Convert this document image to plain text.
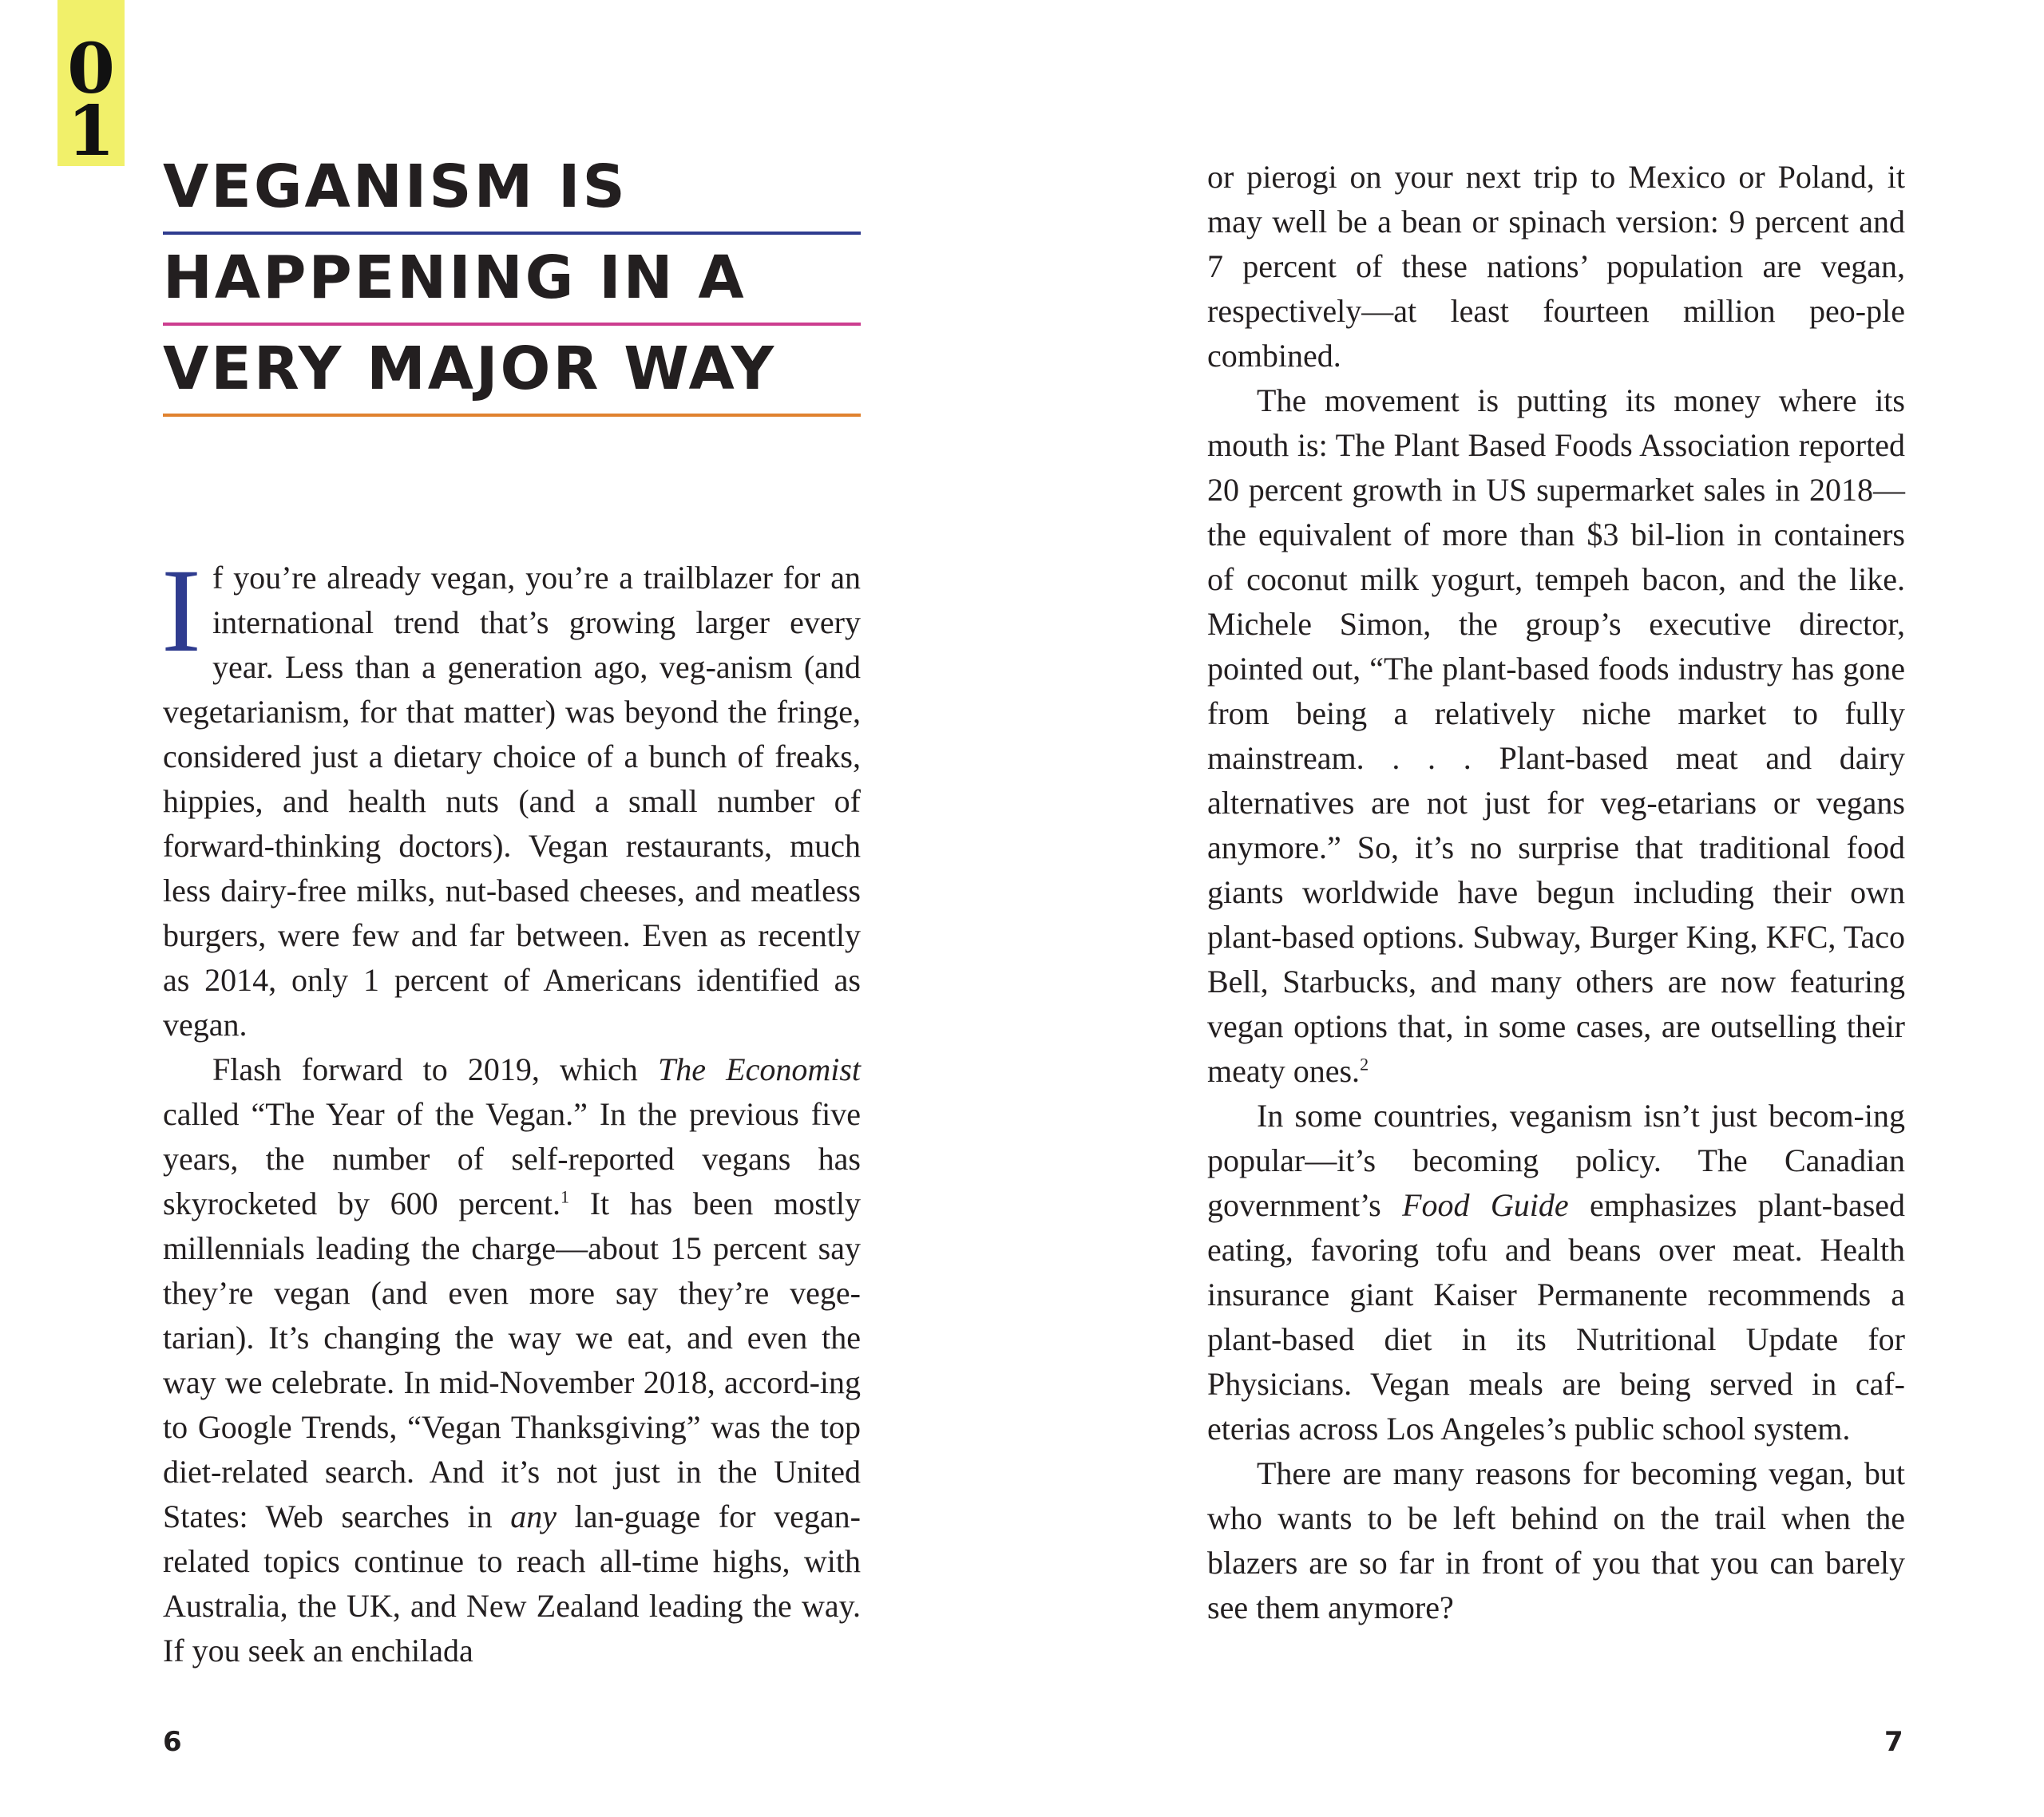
0
1
VEGANISM IS
HAPPENING IN A
VERY MAJOR WAY

If you’re already vegan, you’re a trailblazer for an international trend that’s growing larger every year. Less than a generation ago, veg-anism (and vegetarianism, for that matter) was beyond the fringe, considered just a dietary choice of a bunch of freaks, hippies, and health nuts (and a small number of forward-thinking doctors). Vegan restaurants, much less dairy-free milks, nut-based cheeses, and meatless burgers, were few and far between. Even as recently as 2014, only 1 percent of Americans identified as vegan.

Flash forward to 2019, which The Economist called “The Year of the Vegan.” In the previous five years, the number of self-reported vegans has skyrocketed by 600 percent.$^1$ It has been mostly millennials leading the charge—about 15 percent say they’re vegan (and even more say they’re vege-tarian). It’s changing the way we eat, and even the way we celebrate. In mid-November 2018, accord-ing to Google Trends, “Vegan Thanksgiving” was the top diet-related search. And it’s not just in the United States: Web searches in any lan-guage for vegan-related topics continue to reach all-time highs, with Australia, the UK, and New Zealand leading the way. If you seek an enchilada

6

or pierogi on your next trip to Mexico or Poland, it may well be a bean or spinach version: 9 percent and 7 percent of these nations’ population are vegan, respectively—at least fourteen million peo-ple combined.

The movement is putting its money where its mouth is: The Plant Based Foods Association reported 20 percent growth in US supermarket sales in 2018—the equivalent of more than $3 bil-lion in containers of coconut milk yogurt, tempeh bacon, and the like. Michele Simon, the group’s executive director, pointed out, “The plant-based foods industry has gone from being a relatively niche market to fully mainstream. . . . Plant-based meat and dairy alternatives are not just for veg-etarians or vegans anymore.” So, it’s no surprise that traditional food giants worldwide have begun including their own plant-based options. Subway, Burger King, KFC, Taco Bell, Starbucks, and many others are now featuring vegan options that, in some cases, are outselling their meaty ones.$^2$

In some countries, veganism isn’t just becom-ing popular—it’s becoming policy. The Canadian government’s Food Guide emphasizes plant-based eating, favoring tofu and beans over meat. Health insurance giant Kaiser Permanente recommends a plant-based diet in its Nutritional Update for Physicians. Vegan meals are being served in caf-eterias across Los Angeles’s public school system.

There are many reasons for becoming vegan, but who wants to be left behind on the trail when the blazers are so far in front of you that you can barely see them anymore?

7
